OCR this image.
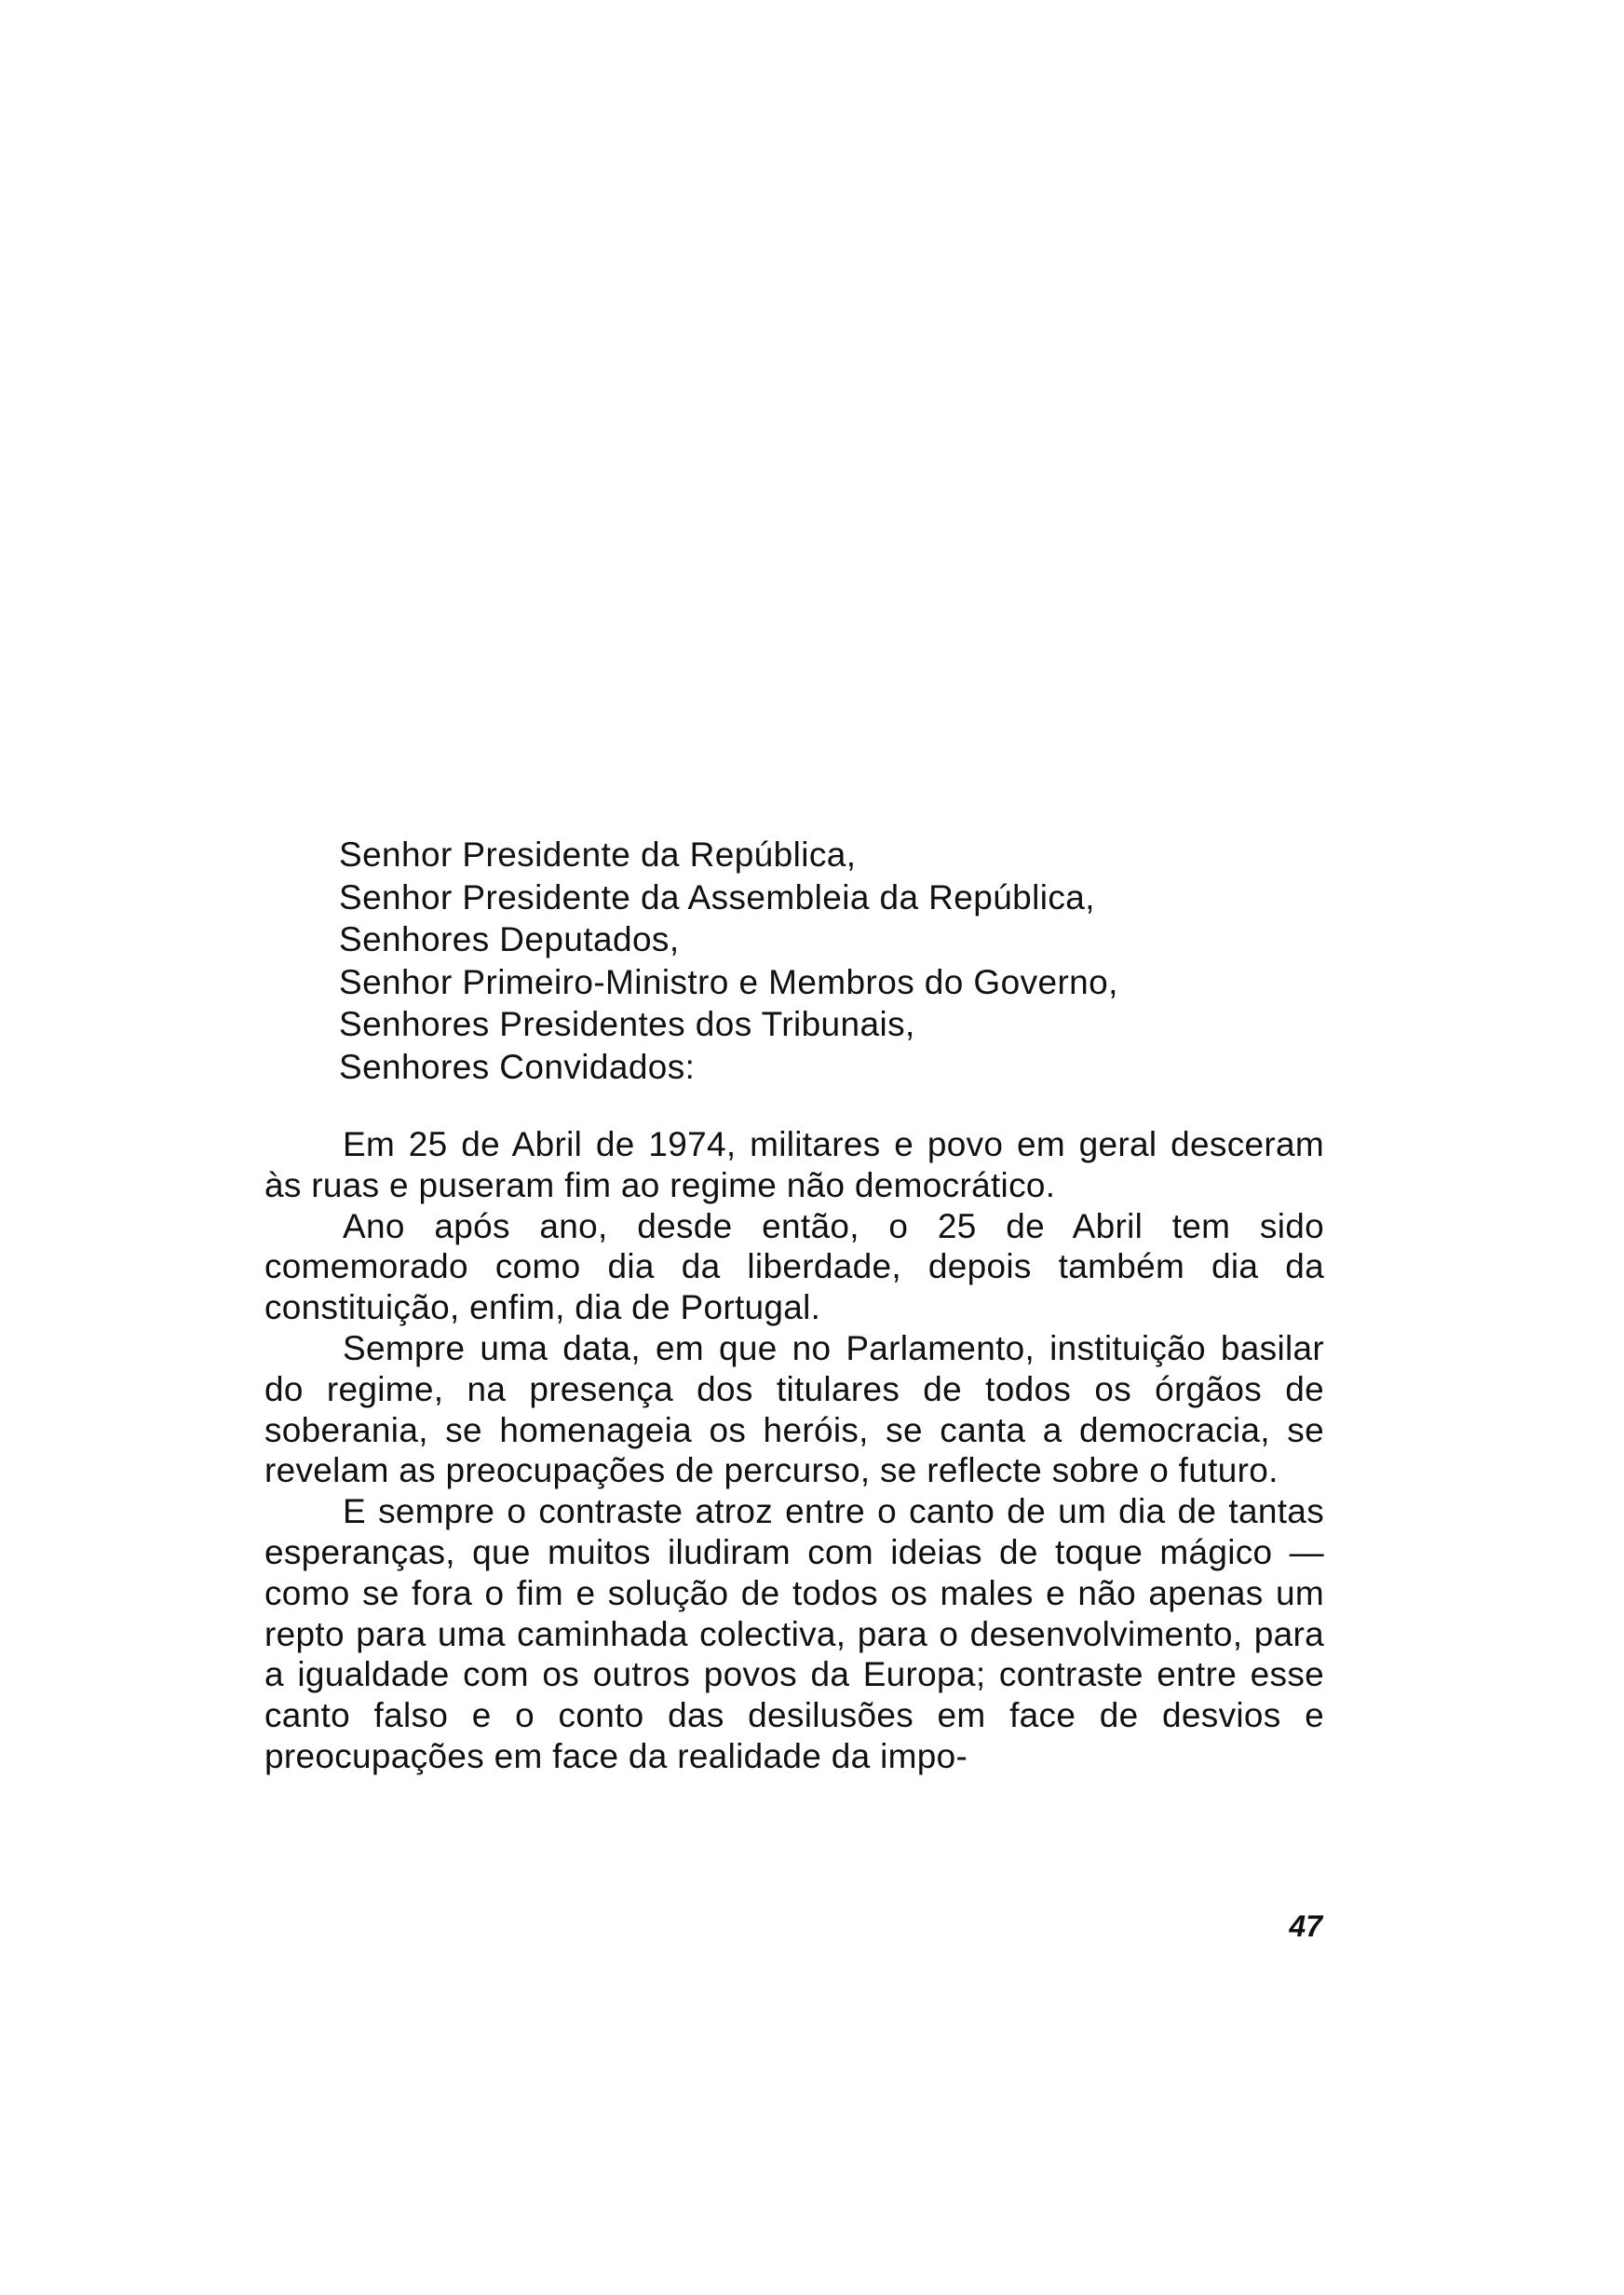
Senhor Presidente da República,
Senhor Presidente da Assembleia da República,
Senhores Deputados,
Senhor Primeiro-Ministro e Membros do Governo,
Senhores Presidentes dos Tribunais,
Senhores Convidados:

Em 25 de Abril de 1974, militares e povo em geral desceram às ruas e puseram fim ao regime não democrático.

Ano após ano, desde então, o 25 de Abril tem sido comemorado como dia da liberdade, depois também dia da constituição, enfim, dia de Portugal.

Sempre uma data, em que no Parlamento, instituição basilar do regime, na presença dos titulares de todos os órgãos de soberania, se homenageia os heróis, se canta a democracia, se revelam as preocupações de percurso, se reflecte sobre o futuro.

E sempre o contraste atroz entre o canto de um dia de tantas esperanças, que muitos iludiram com ideias de toque mágico — como se fora o fim e solução de todos os males e não apenas um repto para uma caminhada colectiva, para o desenvolvimento, para a igualdade com os outros povos da Europa; contraste entre esse canto falso e o conto das desilusões em face de desvios e preocupações em face da realidade da impo-

47
